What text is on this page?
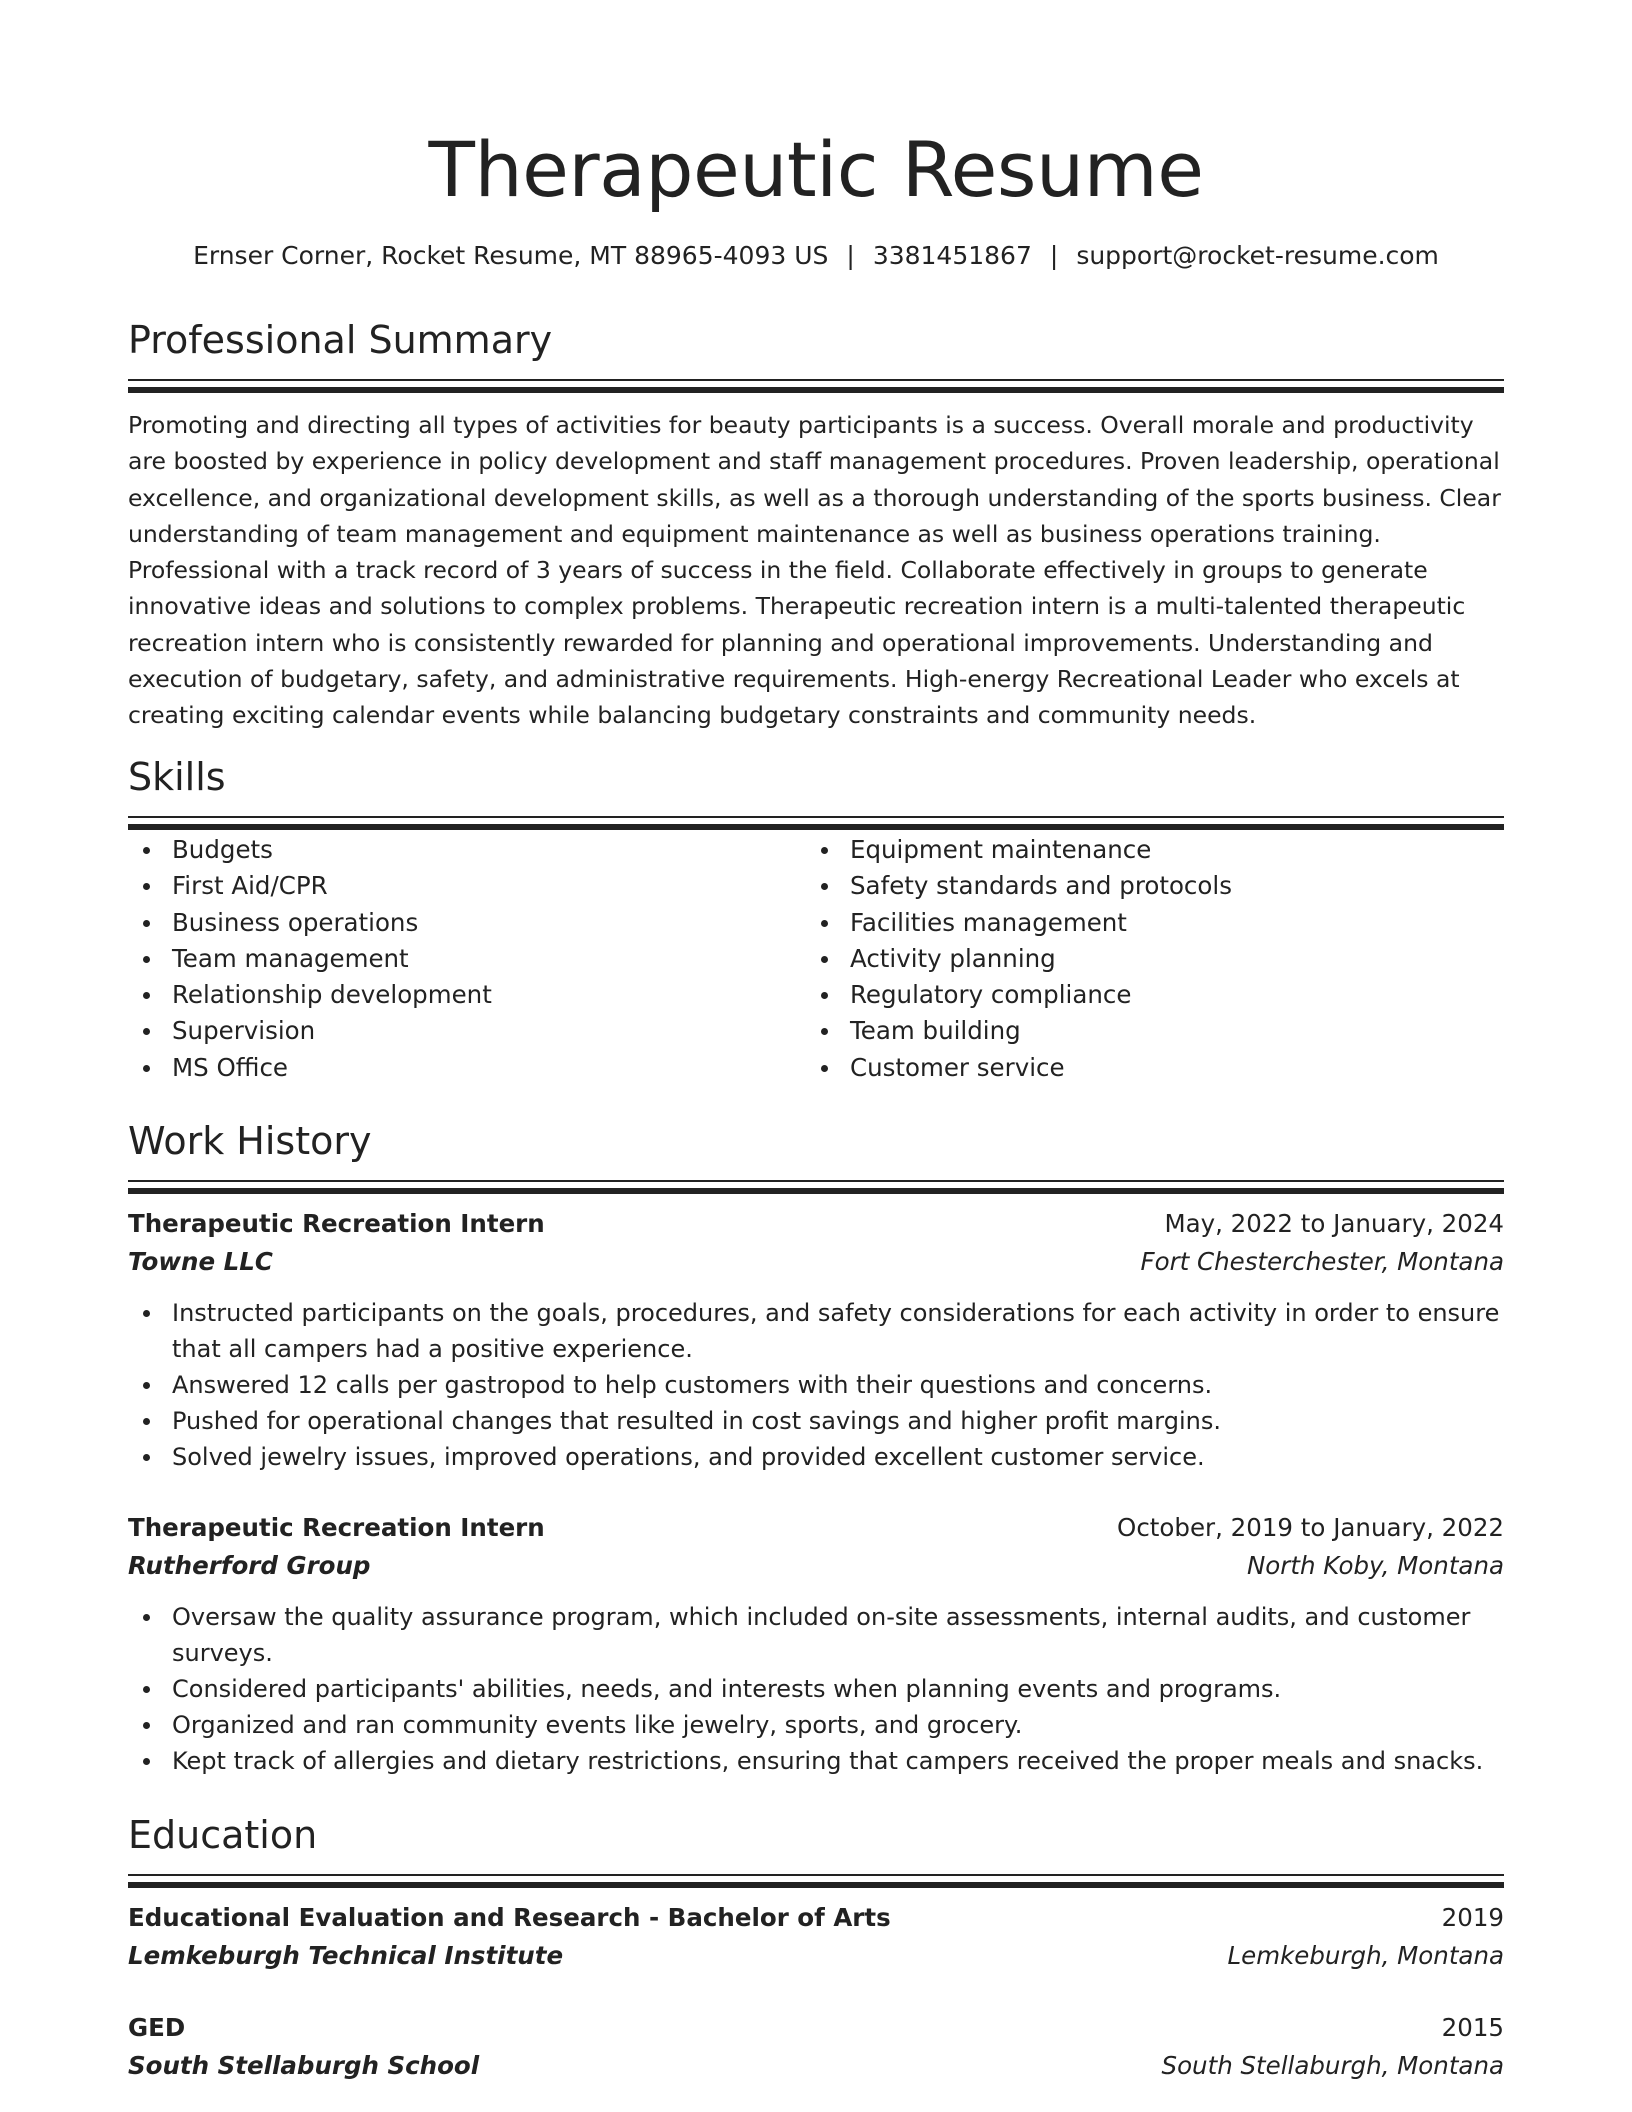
Therapeutic Resume
Ernser Corner, Rocket Resume, MT 88965-4093 US | 3381451867 | support@rocket-resume.com
Professional Summary
Promoting and directing all types of activities for beauty participants is a success. Overall morale and productivity are boosted by experience in policy development and staff management procedures. Proven leadership, operational excellence, and organizational development skills, as well as a thorough understanding of the sports business. Clear understanding of team management and equipment maintenance as well as business operations training. Professional with a track record of 3 years of success in the field. Collaborate effectively in groups to generate innovative ideas and solutions to complex problems. Therapeutic recreation intern is a multi-talented therapeutic recreation intern who is consistently rewarded for planning and operational improvements. Understanding and execution of budgetary, safety, and administrative requirements. High-energy Recreational Leader who excels at creating exciting calendar events while balancing budgetary constraints and community needs.
Skills
Budgets
First Aid/CPR
Business operations
Team management
Relationship development
Supervision
MS Office
Equipment maintenance
Safety standards and protocols
Facilities management
Activity planning
Regulatory compliance
Team building
Customer service
Work History
Therapeutic Recreation Intern	May, 2022 to January, 2024
Towne LLC	Fort Chesterchester, Montana
Instructed participants on the goals, procedures, and safety considerations for each activity in order to ensure that all campers had a positive experience.
Answered 12 calls per gastropod to help customers with their questions and concerns.
Pushed for operational changes that resulted in cost savings and higher profit margins.
Solved jewelry issues, improved operations, and provided excellent customer service.
Therapeutic Recreation Intern	October, 2019 to January, 2022
Rutherford Group	North Koby, Montana
Oversaw the quality assurance program, which included on-site assessments, internal audits, and customer surveys.
Considered participants' abilities, needs, and interests when planning events and programs.
Organized and ran community events like jewelry, sports, and grocery.
Kept track of allergies and dietary restrictions, ensuring that campers received the proper meals and snacks.
Education
Educational Evaluation and Research - Bachelor of Arts	2019
Lemkeburgh Technical Institute	Lemkeburgh, Montana
GED	2015
South Stellaburgh School	South Stellaburgh, Montana
